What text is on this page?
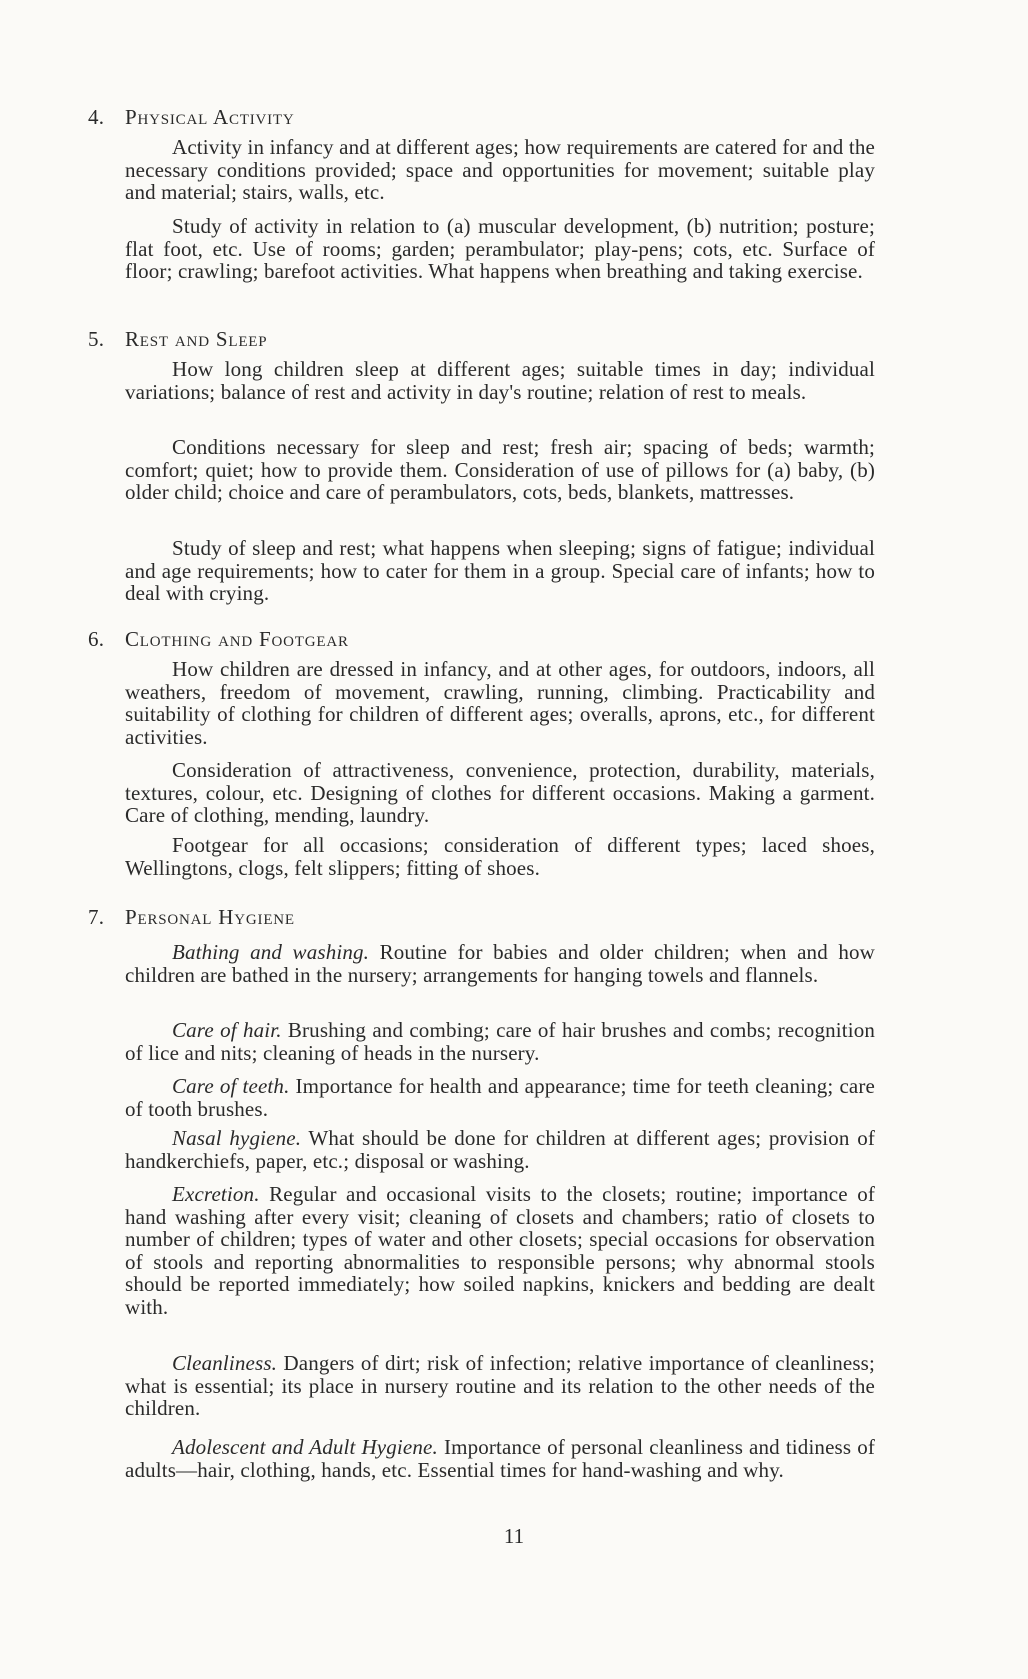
4. Physical Activity

Activity in infancy and at different ages; how requirements are catered for and the necessary conditions provided; space and opportunities for movement; suitable play and material; stairs, walls, etc.

Study of activity in relation to (a) muscular development, (b) nutrition; posture; flat foot, etc. Use of rooms; garden; perambulator; play-pens; cots, etc. Surface of floor; crawling; barefoot activities. What happens when breathing and taking exercise.

5. Rest and Sleep

How long children sleep at different ages; suitable times in day; individual variations; balance of rest and activity in day's routine; relation of rest to meals.

Conditions necessary for sleep and rest; fresh air; spacing of beds; warmth; comfort; quiet; how to provide them. Consideration of use of pillows for (a) baby, (b) older child; choice and care of perambulators, cots, beds, blankets, mattresses.

Study of sleep and rest; what happens when sleeping; signs of fatigue; individual and age requirements; how to cater for them in a group. Special care of infants; how to deal with crying.

6. Clothing and Footgear

How children are dressed in infancy, and at other ages, for outdoors, indoors, all weathers, freedom of movement, crawling, running, climbing. Practicability and suitability of clothing for children of different ages; overalls, aprons, etc., for different activities.

Consideration of attractiveness, convenience, protection, durability, materials, textures, colour, etc. Designing of clothes for different occasions. Making a garment. Care of clothing, mending, laundry.

Footgear for all occasions; consideration of different types; laced shoes, Wellingtons, clogs, felt slippers; fitting of shoes.

7. Personal Hygiene

Bathing and washing. Routine for babies and older children; when and how children are bathed in the nursery; arrangements for hanging towels and flannels.

Care of hair. Brushing and combing; care of hair brushes and combs; recognition of lice and nits; cleaning of heads in the nursery.

Care of teeth. Importance for health and appearance; time for teeth cleaning; care of tooth brushes.

Nasal hygiene. What should be done for children at different ages; provision of handkerchiefs, paper, etc.; disposal or washing.

Excretion. Regular and occasional visits to the closets; routine; importance of hand washing after every visit; cleaning of closets and chambers; ratio of closets to number of children; types of water and other closets; special occasions for observation of stools and reporting abnormalities to responsible persons; why abnormal stools should be reported immediately; how soiled napkins, knickers and bedding are dealt with.

Cleanliness. Dangers of dirt; risk of infection; relative importance of cleanliness; what is essential; its place in nursery routine and its relation to the other needs of the children.

Adolescent and Adult Hygiene. Importance of personal cleanliness and tidiness of adults—hair, clothing, hands, etc. Essential times for hand-washing and why.

11
